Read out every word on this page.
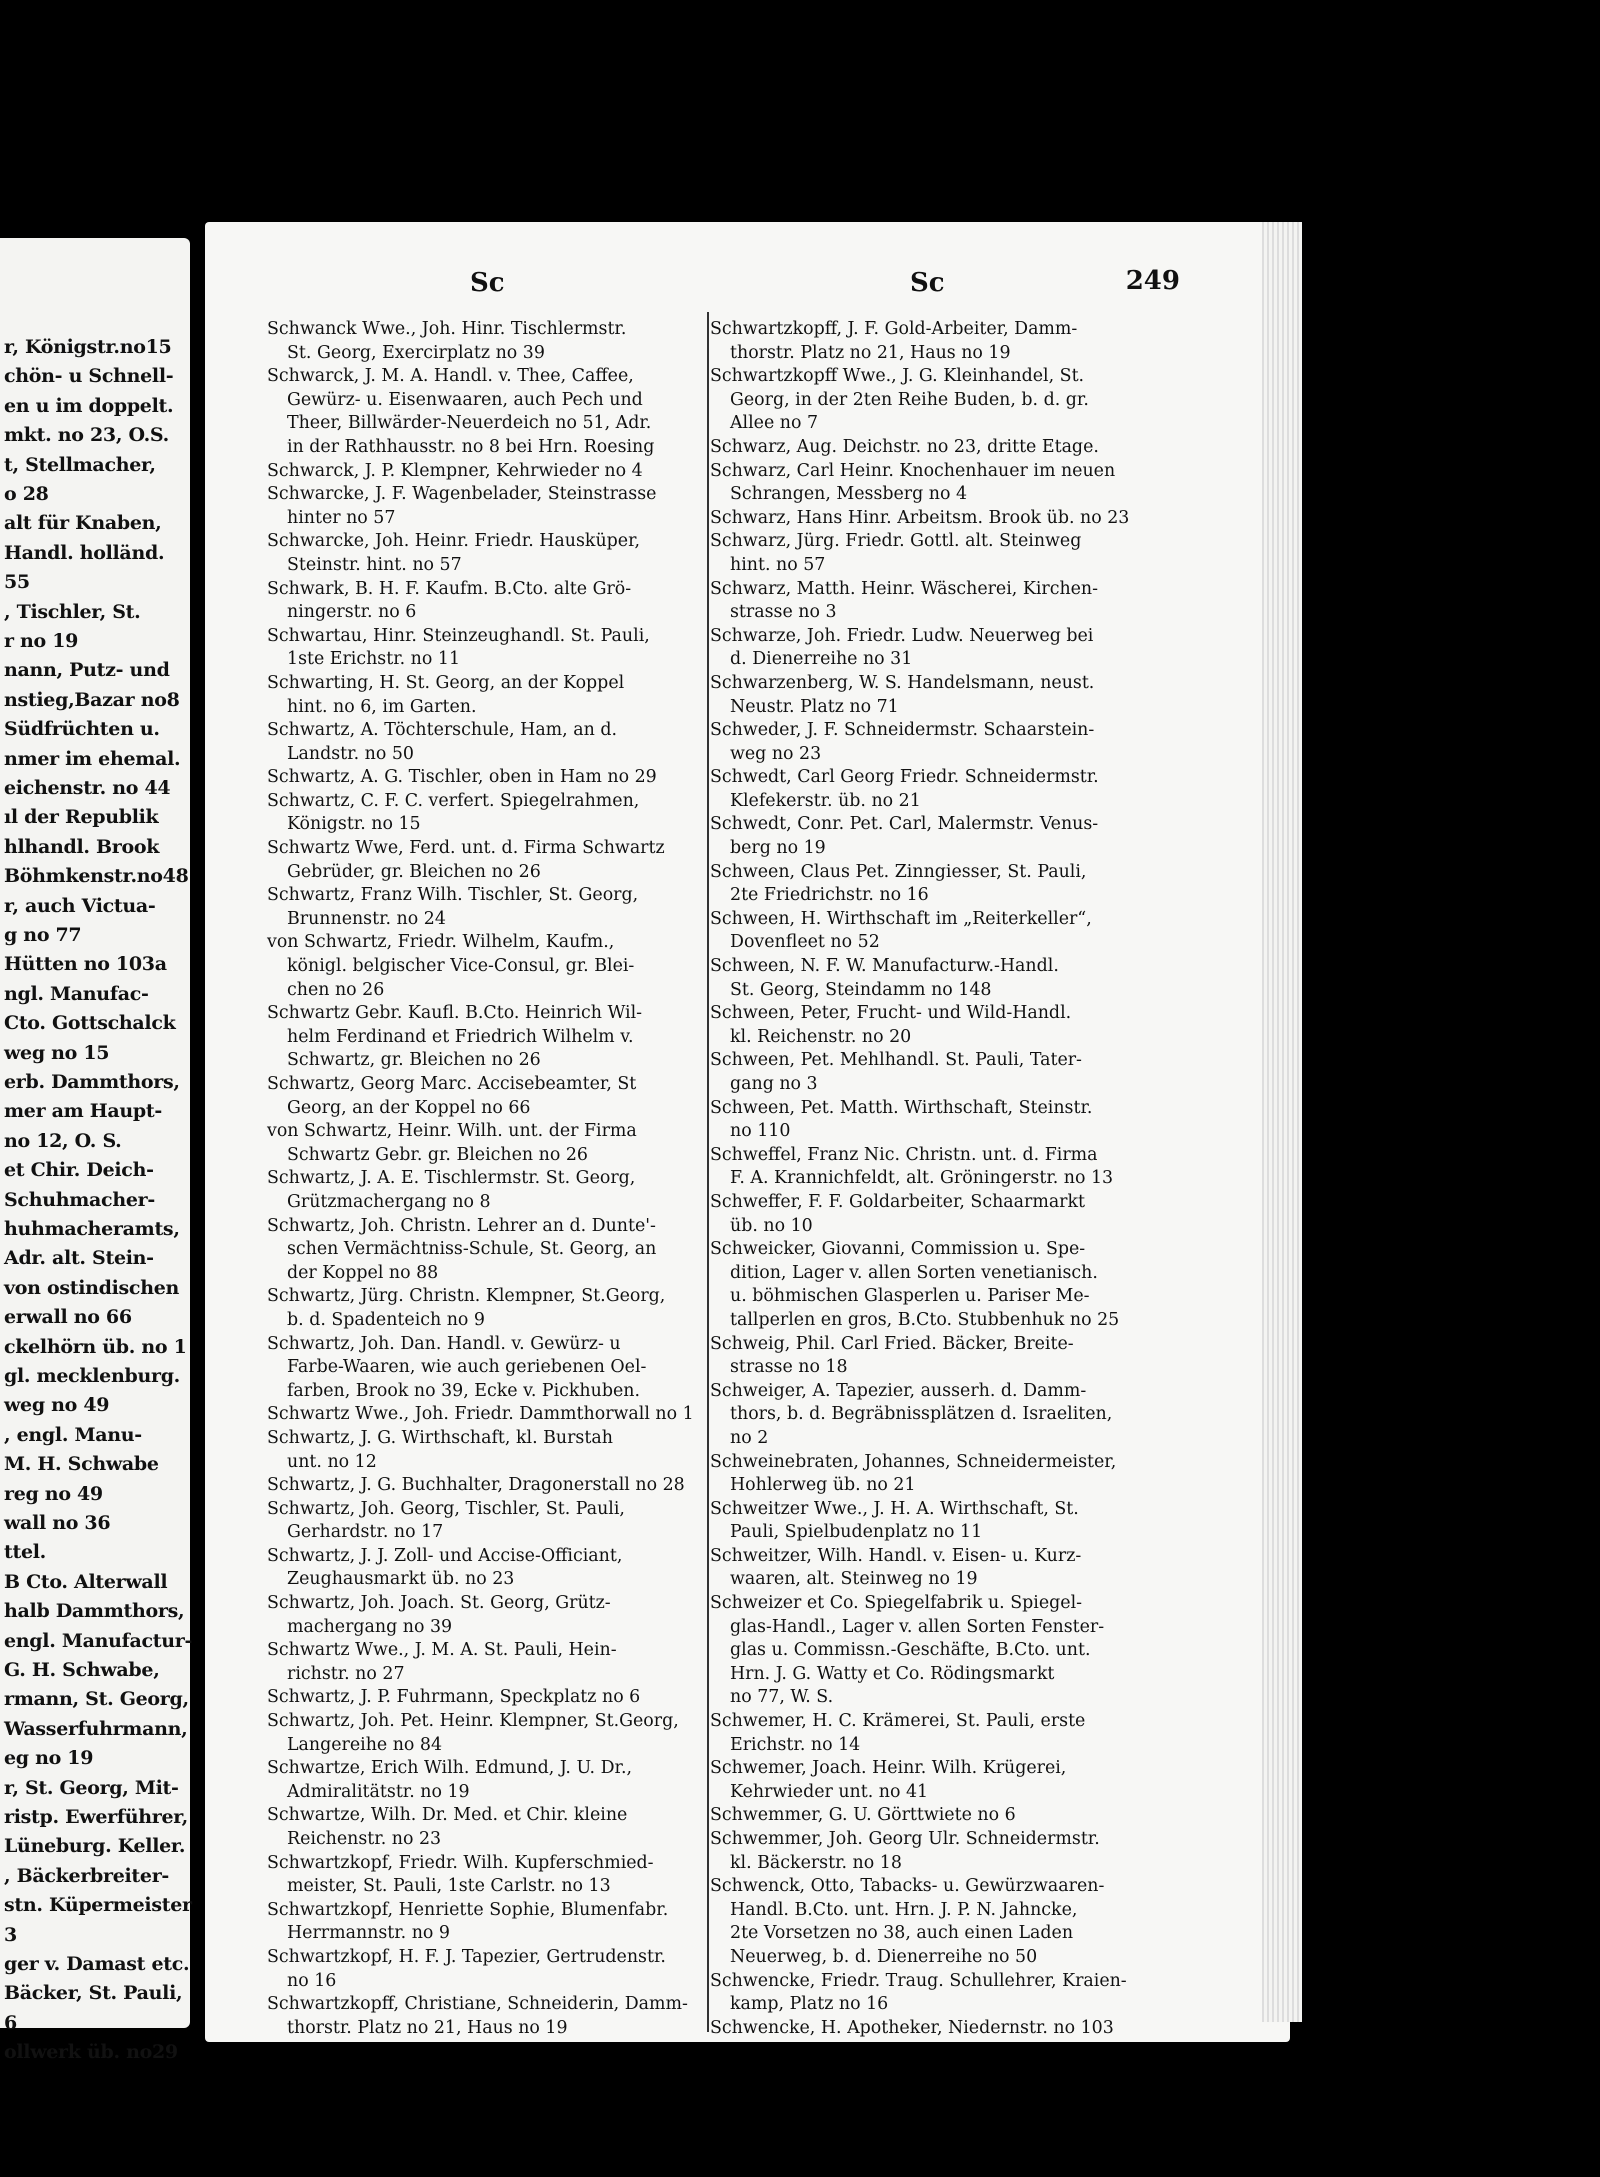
r, Königstr.no15
chön- u Schnell-
en u im doppelt.
mkt. no 23, O.S.
t, Stellmacher,
o 28
alt für Knaben,
Handl. holländ.
55
, Tischler, St.
r no 19
nann, Putz- und
nstieg,Bazar no8
Südfrüchten u.
nmer im ehemal.
eichenstr. no 44
ıl der Republik
hlhandl. Brook
Böhmkenstr.no48
r, auch Victua-
g no 77
Hütten no 103a
ngl. Manufac-
Cto. Gottschalck
weg no 15
erb. Dammthors,
mer am Haupt-
no 12, O. S.
et Chir. Deich-
Schuhmacher-
huhmacheramts,
Adr. alt. Stein-
von ostindischen
erwall no 66
ckelhörn üb. no 1
gl. mecklenburg.
weg no 49
, engl. Manu-
M. H. Schwabe
reg no 49
wall no 36
ttel.
B Cto. Alterwall
halb Dammthors,
engl. Manufactur-
G. H. Schwabe,
rmann, St. Georg,
Wasserfuhrmann,
eg no 19
r, St. Georg, Mit-
ristp. Ewerführer,
Lüneburg. Keller.
, Bäckerbreiter-
stn. Küpermeister
3
ger v. Damast etc.
Bäcker, St. Pauli,
6
ollwerk üb. no29
Sc	Sc	249
Schwanck Wwe., Joh. Hinr. Tischlermstr.
St. Georg, Exercirplatz no 39
Schwarck, J. M. A. Handl. v. Thee, Caffee,
Gewürz- u. Eisenwaaren, auch Pech und
Theer, Billwärder-Neuerdeich no 51, Adr.
in der Rathhausstr. no 8 bei Hrn. Roesing
Schwarck, J. P. Klempner, Kehrwieder no 4
Schwarcke, J. F. Wagenbelader, Steinstrasse
hinter no 57
Schwarcke, Joh. Heinr. Friedr. Hausküper,
Steinstr. hint. no 57
Schwark, B. H. F. Kaufm. B.Cto. alte Grö-
ningerstr. no 6
Schwartau, Hinr. Steinzeughandl. St. Pauli,
1ste Erichstr. no 11
Schwarting, H. St. Georg, an der Koppel
hint. no 6, im Garten.
Schwartz, A. Töchterschule, Ham, an d.
Landstr. no 50
Schwartz, A. G. Tischler, oben in Ham no 29
Schwartz, C. F. C. verfert. Spiegelrahmen,
Königstr. no 15
Schwartz Wwe, Ferd. unt. d. Firma Schwartz
Gebrüder, gr. Bleichen no 26
Schwartz, Franz Wilh. Tischler, St. Georg,
Brunnenstr. no 24
von Schwartz, Friedr. Wilhelm, Kaufm.,
königl. belgischer Vice-Consul, gr. Blei-
chen no 26
Schwartz Gebr. Kaufl. B.Cto. Heinrich Wil-
helm Ferdinand et Friedrich Wilhelm v.
Schwartz, gr. Bleichen no 26
Schwartz, Georg Marc. Accisebeamter, St
Georg, an der Koppel no 66
von Schwartz, Heinr. Wilh. unt. der Firma
Schwartz Gebr. gr. Bleichen no 26
Schwartz, J. A. E. Tischlermstr. St. Georg,
Grützmachergang no 8
Schwartz, Joh. Christn. Lehrer an d. Dunte'-
schen Vermächtniss-Schule, St. Georg, an
der Koppel no 88
Schwartz, Jürg. Christn. Klempner, St.Georg,
b. d. Spadenteich no 9
Schwartz, Joh. Dan. Handl. v. Gewürz- u
Farbe-Waaren, wie auch geriebenen Oel-
farben, Brook no 39, Ecke v. Pickhuben.
Schwartz Wwe., Joh. Friedr. Dammthorwall no 1
Schwartz, J. G. Wirthschaft, kl. Burstah
unt. no 12
Schwartz, J. G. Buchhalter, Dragonerstall no 28
Schwartz, Joh. Georg, Tischler, St. Pauli,
Gerhardstr. no 17
Schwartz, J. J. Zoll- und Accise-Officiant,
Zeughausmarkt üb. no 23
Schwartz, Joh. Joach. St. Georg, Grütz-
machergang no 39
Schwartz Wwe., J. M. A. St. Pauli, Hein-
richstr. no 27
Schwartz, J. P. Fuhrmann, Speckplatz no 6
Schwartz, Joh. Pet. Heinr. Klempner, St.Georg,
Langereihe no 84
Schwartze, Erich Wilh. Edmund, J. U. Dr.,
Admiralitätstr. no 19
Schwartze, Wilh. Dr. Med. et Chir. kleine
Reichenstr. no 23
Schwartzkopf, Friedr. Wilh. Kupferschmied-
meister, St. Pauli, 1ste Carlstr. no 13
Schwartzkopf, Henriette Sophie, Blumenfabr.
Herrmannstr. no 9
Schwartzkopf, H. F. J. Tapezier, Gertrudenstr.
no 16
Schwartzkopff, Christiane, Schneiderin, Damm-
thorstr. Platz no 21, Haus no 19
Schwartzkopff, J. F. Gold-Arbeiter, Damm-
thorstr. Platz no 21, Haus no 19
Schwartzkopff Wwe., J. G. Kleinhandel, St.
Georg, in der 2ten Reihe Buden, b. d. gr.
Allee no 7
Schwarz, Aug. Deichstr. no 23, dritte Etage.
Schwarz, Carl Heinr. Knochenhauer im neuen
Schrangen, Messberg no 4
Schwarz, Hans Hinr. Arbeitsm. Brook üb. no 23
Schwarz, Jürg. Friedr. Gottl. alt. Steinweg
hint. no 57
Schwarz, Matth. Heinr. Wäscherei, Kirchen-
strasse no 3
Schwarze, Joh. Friedr. Ludw. Neuerweg bei
d. Dienerreihe no 31
Schwarzenberg, W. S. Handelsmann, neust.
Neustr. Platz no 71
Schweder, J. F. Schneidermstr. Schaarstein-
weg no 23
Schwedt, Carl Georg Friedr. Schneidermstr.
Klefekerstr. üb. no 21
Schwedt, Conr. Pet. Carl, Malermstr. Venus-
berg no 19
Schween, Claus Pet. Zinngiesser, St. Pauli,
2te Friedrichstr. no 16
Schween, H. Wirthschaft im „Reiterkeller“,
Dovenfleet no 52
Schween, N. F. W. Manufacturw.-Handl.
St. Georg, Steindamm no 148
Schween, Peter, Frucht- und Wild-Handl.
kl. Reichenstr. no 20
Schween, Pet. Mehlhandl. St. Pauli, Tater-
gang no 3
Schween, Pet. Matth. Wirthschaft, Steinstr.
no 110
Schweffel, Franz Nic. Christn. unt. d. Firma
F. A. Krannichfeldt, alt. Gröningerstr. no 13
Schweffer, F. F. Goldarbeiter, Schaarmarkt
üb. no 10
Schweicker, Giovanni, Commission u. Spe-
dition, Lager v. allen Sorten venetianisch.
u. böhmischen Glasperlen u. Pariser Me-
tallperlen en gros, B.Cto. Stubbenhuk no 25
Schweig, Phil. Carl Fried. Bäcker, Breite-
strasse no 18
Schweiger, A. Tapezier, ausserh. d. Damm-
thors, b. d. Begräbnissplätzen d. Israeliten,
no 2
Schweinebraten, Johannes, Schneidermeister,
Hohlerweg üb. no 21
Schweitzer Wwe., J. H. A. Wirthschaft, St.
Pauli, Spielbudenplatz no 11
Schweitzer, Wilh. Handl. v. Eisen- u. Kurz-
waaren, alt. Steinweg no 19
Schweizer et Co. Spiegelfabrik u. Spiegel-
glas-Handl., Lager v. allen Sorten Fenster-
glas u. Commissn.-Geschäfte, B.Cto. unt.
Hrn. J. G. Watty et Co. Rödingsmarkt
no 77, W. S.
Schwemer, H. C. Krämerei, St. Pauli, erste
Erichstr. no 14
Schwemer, Joach. Heinr. Wilh. Krügerei,
Kehrwieder unt. no 41
Schwemmer, G. U. Görttwiete no 6
Schwemmer, Joh. Georg Ulr. Schneidermstr.
kl. Bäckerstr. no 18
Schwenck, Otto, Tabacks- u. Gewürzwaaren-
Handl. B.Cto. unt. Hrn. J. P. N. Jahncke,
2te Vorsetzen no 38, auch einen Laden
Neuerweg, b. d. Dienerreihe no 50
Schwencke, Friedr. Traug. Schullehrer, Kraien-
kamp, Platz no 16
Schwencke, H. Apotheker, Niedernstr. no 103
